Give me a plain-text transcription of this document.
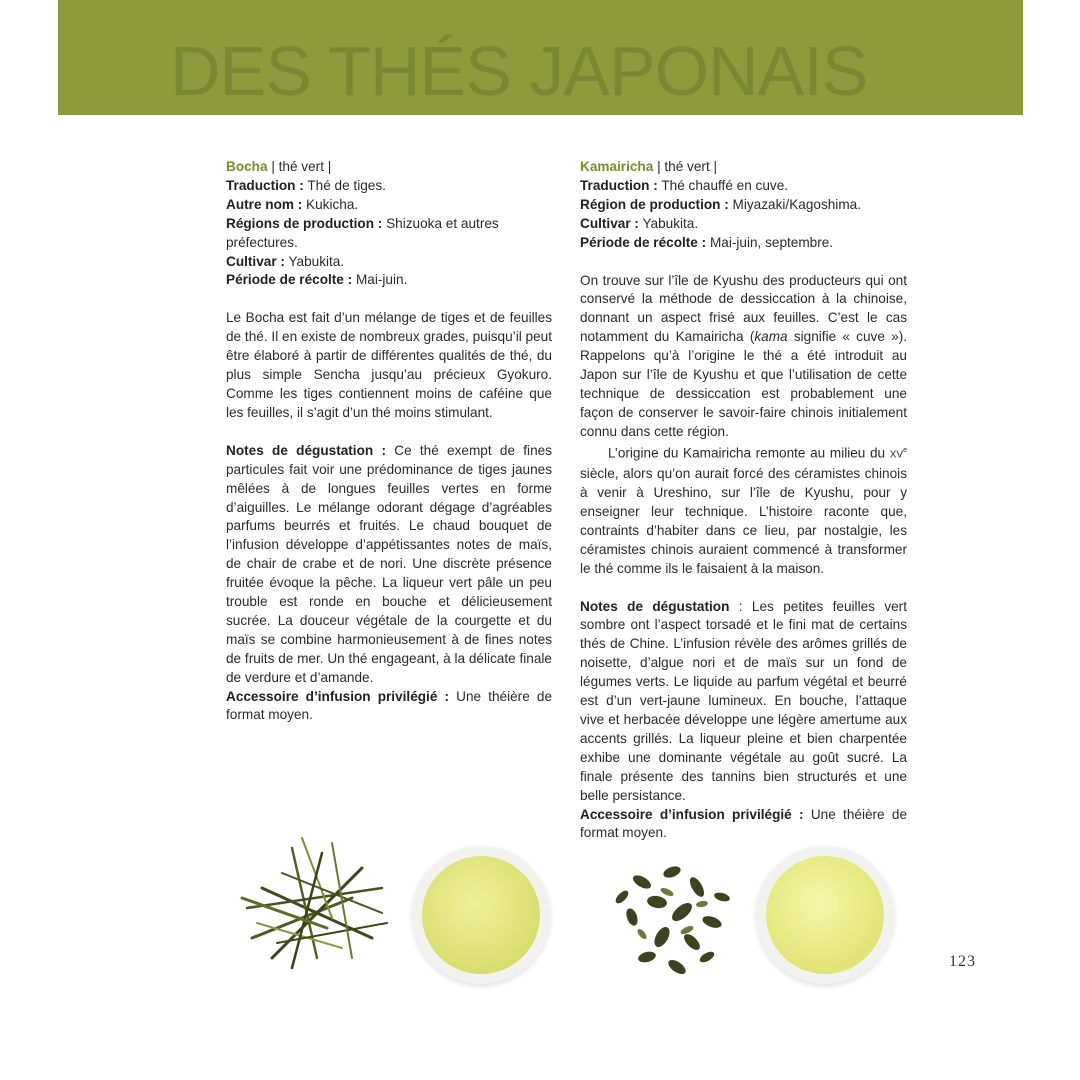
DES THÉS JAPONAIS

Bocha | thé vert |

Traduction : Thé de tiges.

Autre nom : Kukicha.

Régions de production : Shizuoka et autres préfectures.

Cultivar : Yabukita.

Période de récolte : Mai-juin.

Le Bocha est fait d’un mélange de tiges et de feuilles de thé. Il en existe de nombreux grades, puisqu’il peut être élaboré à partir de différentes qualités de thé, du plus simple Sencha jusqu’au précieux Gyokuro. Comme les tiges contiennent moins de caféine que les feuilles, il s’agit d’un thé moins stimulant.

Notes de dégustation : Ce thé exempt de fines particules fait voir une prédominance de tiges jaunes mêlées à de longues feuilles vertes en forme d’aiguilles. Le mélange odorant dégage d’agréables parfums beurrés et fruités. Le chaud bouquet de l’infusion développe d’appétissantes notes de maïs, de chair de crabe et de nori. Une discrète présence fruitée évoque la pêche. La liqueur vert pâle un peu trouble est ronde en bouche et délicieusement sucrée. La douceur végétale de la courgette et du maïs se combine harmonieusement à de fines notes de fruits de mer. Un thé engageant, à la délicate finale de verdure et d’amande.

Accessoire d’infusion privilégié : Une théière de format moyen.

Kamairicha | thé vert |

Traduction : Thé chauffé en cuve.

Région de production : Miyazaki/Kagoshima.

Cultivar : Yabukita.

Période de récolte : Mai-juin, septembre.

On trouve sur l’île de Kyushu des producteurs qui ont conservé la méthode de dessiccation à la chinoise, donnant un aspect frisé aux feuilles. C’est le cas notamment du Kamairicha (kama signifie « cuve »). Rappelons qu’à l’origine le thé a été introduit au Japon sur l’île de Kyushu et que l’utilisation de cette technique de dessiccation est probablement une façon de conserver le savoir-faire chinois initialement connu dans cette région.

L’origine du Kamairicha remonte au milieu du XVe siècle, alors qu’on aurait forcé des céramistes chinois à venir à Ureshino, sur l’île de Kyushu, pour y enseigner leur technique. L’histoire raconte que, contraints d’habiter dans ce lieu, par nostalgie, les céramistes chinois auraient commencé à transformer le thé comme ils le faisaient à la maison.

Notes de dégustation : Les petites feuilles vert sombre ont l’aspect torsadé et le fini mat de certains thés de Chine. L’infusion révèle des arômes grillés de noisette, d’algue nori et de maïs sur un fond de légumes verts. Le liquide au parfum végétal et beurré est d’un vert-jaune lumineux. En bouche, l’attaque vive et herbacée développe une légère amertume aux accents grillés. La liqueur pleine et bien charpentée exhibe une dominante végétale au goût sucré. La finale présente des tannins bien structurés et une belle persistance.

Accessoire d’infusion privilégié : Une théière de format moyen.

123
